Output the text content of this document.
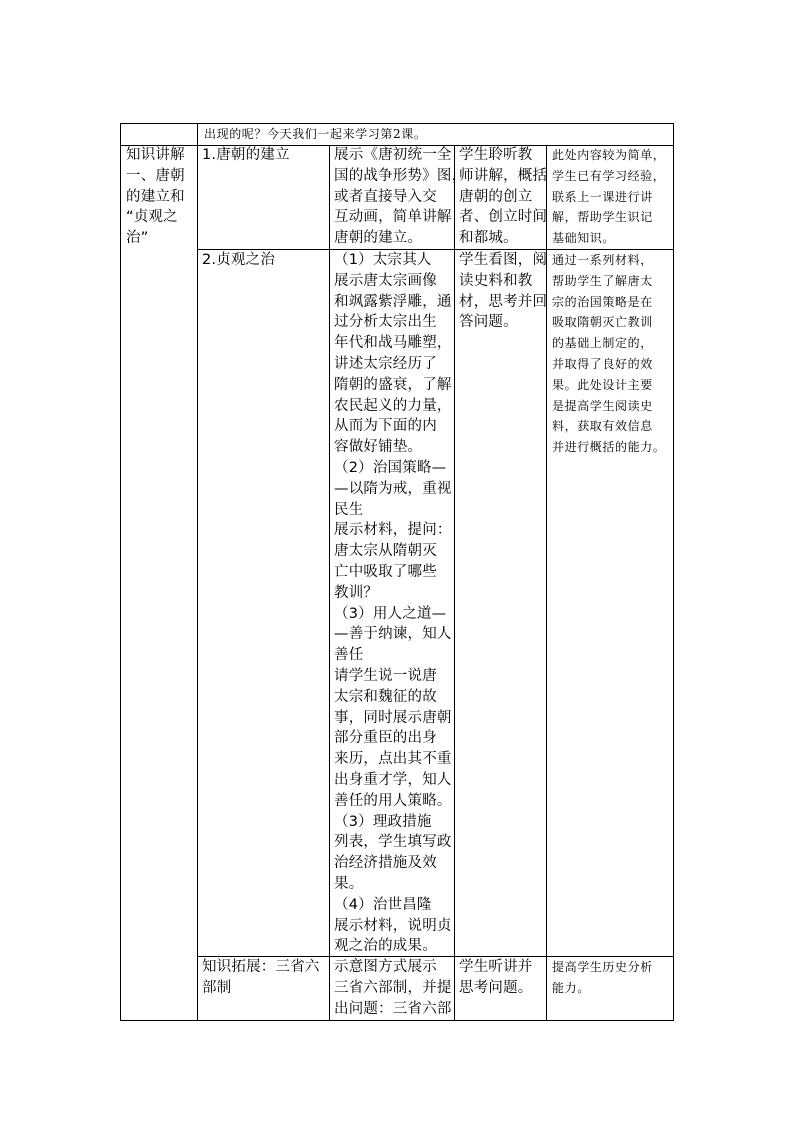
出现的呢？今天我们一起来学习第2课。
知识讲解
一、唐朝
的建立和
“贞观之
治”
1.唐朝的建立	展示《唐初统一全
国的战争形势》图，
或者直接导入交
互动画，简单讲解
唐朝的建立。
学生聆听教
师讲解，概括
唐朝的创立
者、创立时间
和都城。
此处内容较为简单，
学生已有学习经验，
联系上一课进行讲
解，帮助学生识记
基础知识。
2.贞观之治	（1）太宗其人
展示唐太宗画像
和飒露紫浮雕，通
过分析太宗出生
年代和战马雕塑，
讲述太宗经历了
隋朝的盛衰，了解
农民起义的力量，
从而为下面的内
容做好铺垫。
（2）治国策略—
—以隋为戒，重视
民生
展示材料，提问：
唐太宗从隋朝灭
亡中吸取了哪些
教训？
（3）用人之道—
—善于纳谏，知人
善任
请学生说一说唐
太宗和魏征的故
事，同时展示唐朝
部分重臣的出身
来历，点出其不重
出身重才学，知人
善任的用人策略。
（3）理政措施
列表，学生填写政
治经济措施及效
果。
（4）治世昌隆
展示材料，说明贞
观之治的成果。
学生看图，阅
读史料和教
材，思考并回
答问题。
通过一系列材料，
帮助学生了解唐太
宗的治国策略是在
吸取隋朝灭亡教训
的基础上制定的，
并取得了良好的效
果。此处设计主要
是提高学生阅读史
料，获取有效信息
并进行概括的能力。
知识拓展：三省六
部制
示意图方式展示
三省六部制，并提
出问题：三省六部
学生听讲并
思考问题。
提高学生历史分析
能力。
